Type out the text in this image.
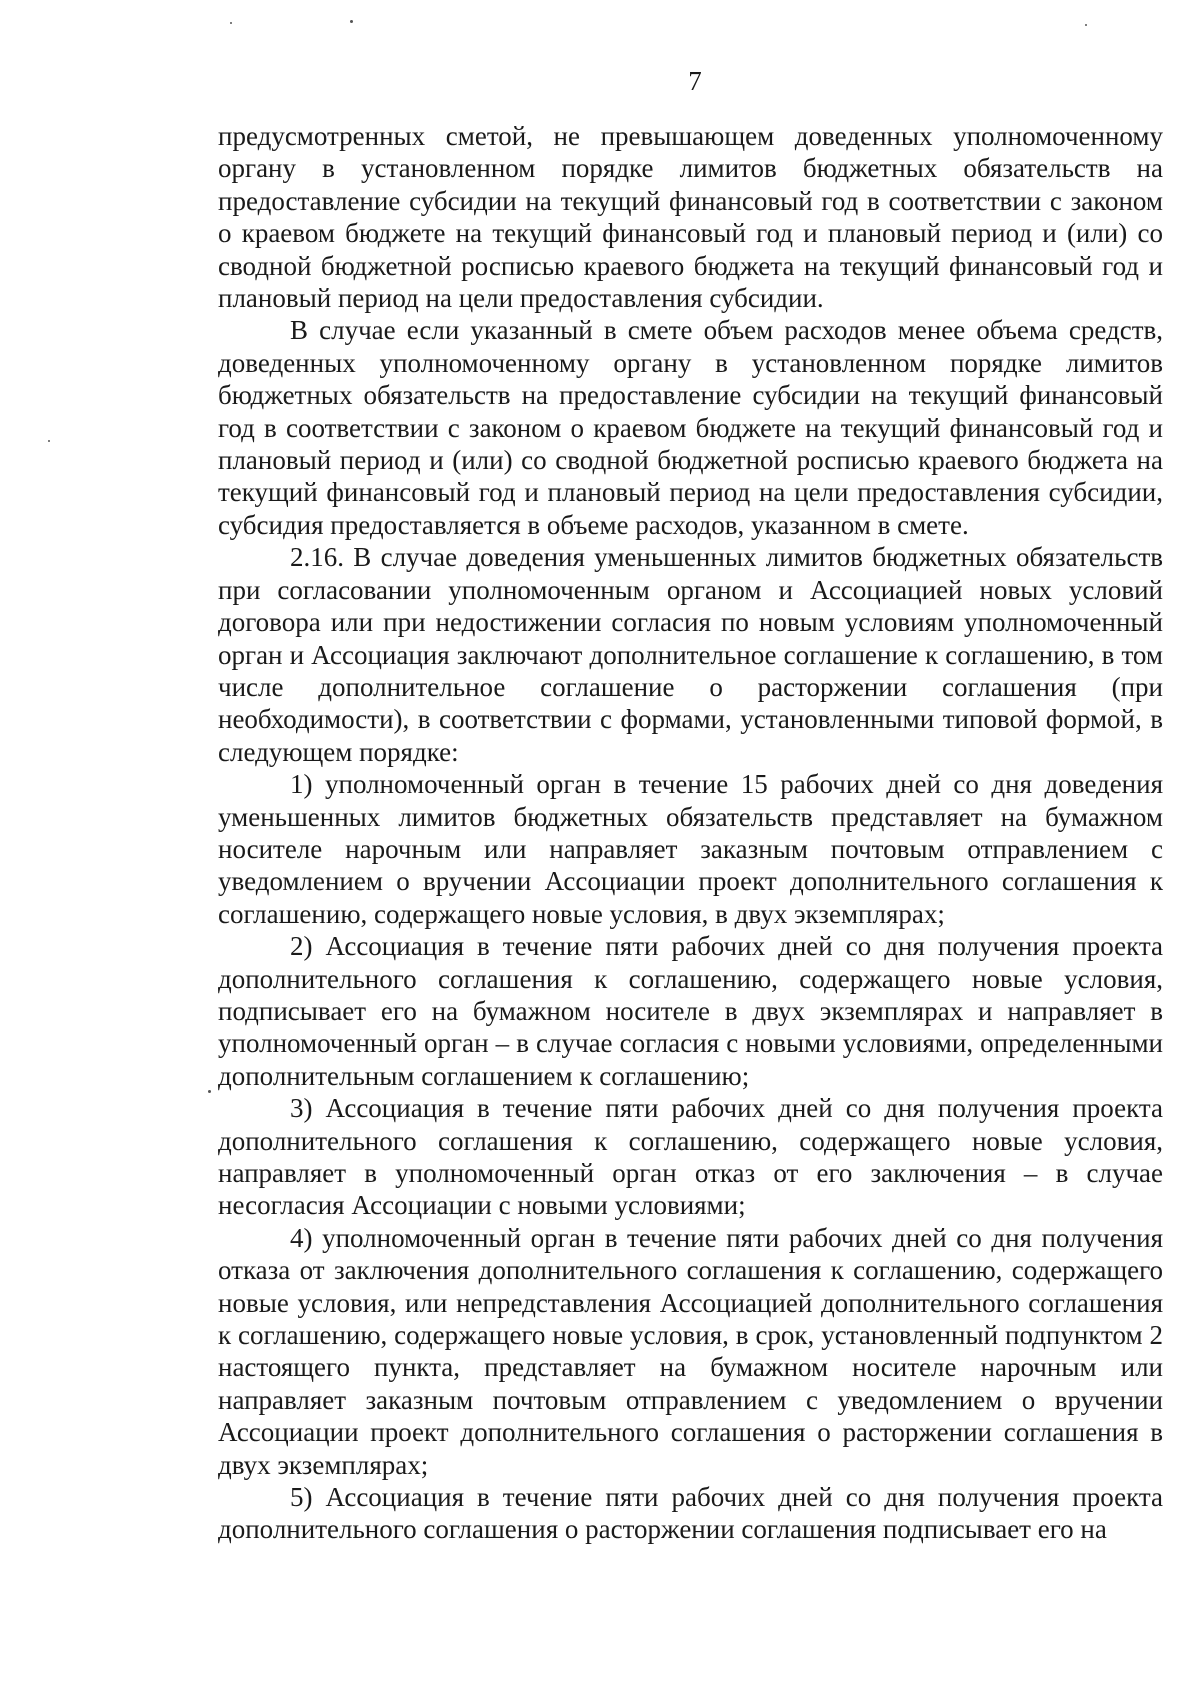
7

предусмотренных сметой, не превышающем доведенных уполномоченному органу в установленном порядке лимитов бюджетных обязательств на предоставление субсидии на текущий финансовый год в соответствии с законом о краевом бюджете на текущий финансовый год и плановый период и (или) со сводной бюджетной росписью краевого бюджета на текущий финансовый год и плановый период на цели предоставления субсидии.

В случае если указанный в смете объем расходов менее объема средств, доведенных уполномоченному органу в установленном порядке лимитов бюджетных обязательств на предоставление субсидии на текущий финансовый год в соответствии с законом о краевом бюджете на текущий финансовый год и плановый период и (или) со сводной бюджетной росписью краевого бюджета на текущий финансовый год и плановый период на цели предоставления субсидии, субсидия предоставляется в объеме расходов, указанном в смете.

2.16. В случае доведения уменьшенных лимитов бюджетных обязательств при согласовании уполномоченным органом и Ассоциацией новых условий договора или при недостижении согласия по новым условиям уполномоченный орган и Ассоциация заключают дополнительное соглашение к соглашению, в том числе дополнительное соглашение о расторжении соглашения (при необходимости), в соответствии с формами, установленными типовой формой, в следующем порядке:

1) уполномоченный орган в течение 15 рабочих дней со дня доведения уменьшенных лимитов бюджетных обязательств представляет на бумажном носителе нарочным или направляет заказным почтовым отправлением с уведомлением о вручении Ассоциации проект дополнительного соглашения к соглашению, содержащего новые условия, в двух экземплярах;

2) Ассоциация в течение пяти рабочих дней со дня получения проекта дополнительного соглашения к соглашению, содержащего новые условия, подписывает его на бумажном носителе в двух экземплярах и направляет в уполномоченный орган – в случае согласия с новыми условиями, определенными дополнительным соглашением к соглашению;

3) Ассоциация в течение пяти рабочих дней со дня получения проекта дополнительного соглашения к соглашению, содержащего новые условия, направляет в уполномоченный орган отказ от его заключения – в случае несогласия Ассоциации с новыми условиями;

4) уполномоченный орган в течение пяти рабочих дней со дня получения отказа от заключения дополнительного соглашения к соглашению, содержащего новые условия, или непредставления Ассоциацией дополнительного соглашения к соглашению, содержащего новые условия, в срок, установленный подпунктом 2 настоящего пункта, представляет на бумажном носителе нарочным или направляет заказным почтовым отправлением с уведомлением о вручении Ассоциации проект дополнительного соглашения о расторжении соглашения в двух экземплярах;

5) Ассоциация в течение пяти рабочих дней со дня получения проекта дополнительного соглашения о расторжении соглашения подписывает его на
